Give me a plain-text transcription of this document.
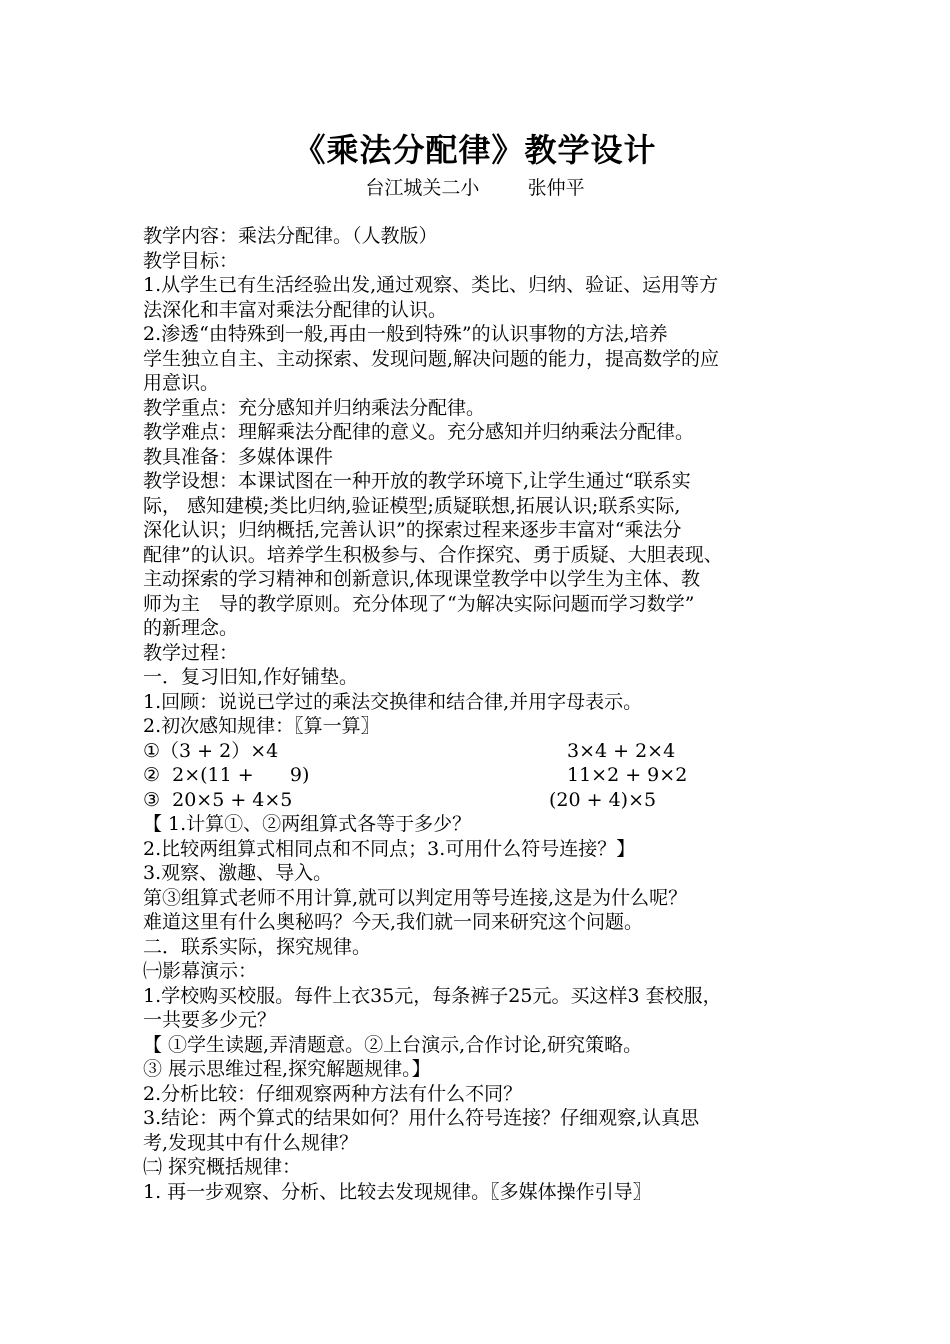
《乘法分配律》教学设计
台江城关二小        张仲平

教学内容：乘法分配律。（人教版）

教学目标：

1.从学生已有生活经验出发,通过观察、类比、归纳、验证、运用等方

法深化和丰富对乘法分配律的认识。

2.渗透“由特殊到一般,再由一般到特殊”的认识事物的方法,培养

学生独立自主、主动探索、发现问题,解决问题的能力，提高数学的应

用意识。

教学重点：充分感知并归纳乘法分配律。

教学难点：理解乘法分配律的意义。充分感知并归纳乘法分配律。

教具准备：多媒体课件

教学设想：本课试图在一种开放的教学环境下,让学生通过“联系实

际， 感知建模;类比归纳,验证模型;质疑联想,拓展认识;联系实际,

深化认识；归纳概括,完善认识”的探索过程来逐步丰富对“乘法分

配律”的认识。培养学生积极参与、合作探究、勇于质疑、大胆表现、

主动探索的学习精神和创新意识,体现课堂教学中以学生为主体、教

师为主　导的教学原则。充分体现了“为解决实际问题而学习数学”

的新理念。

教学过程：

一．复习旧知,作好铺垫。

1.回顾：说说已学过的乘法交换律和结合律,并用字母表示。

2.初次感知规律：〖算一算〗

①（3 + 2）×4	3×4 + 2×4
②  2×(11 +      9)	11×2 + 9×2
③  20×5 + 4×5	(20 + 4)×5

【 1.计算①、②两组算式各等于多少？

2.比较两组算式相同点和不同点；3.可用什么符号连接？】

3.观察、激趣、导入。

第③组算式老师不用计算,就可以判定用等号连接,这是为什么呢？

难道这里有什么奥秘吗？今天,我们就一同来研究这个问题。

二．联系实际，探究规律。

㈠影幕演示：

1.学校购买校服。每件上衣35元，每条裤子25元。买这样3 套校服，

一共要多少元？

【 ①学生读题,弄清题意。②上台演示,合作讨论,研究策略。

③ 展示思维过程,探究解题规律。】

2.分析比较：仔细观察两种方法有什么不同？

3.结论：两个算式的结果如何？用什么符号连接？仔细观察,认真思

考,发现其中有什么规律？

㈡ 探究概括规律：

1. 再一步观察、分析、比较去发现规律。〖多媒体操作引导〗
